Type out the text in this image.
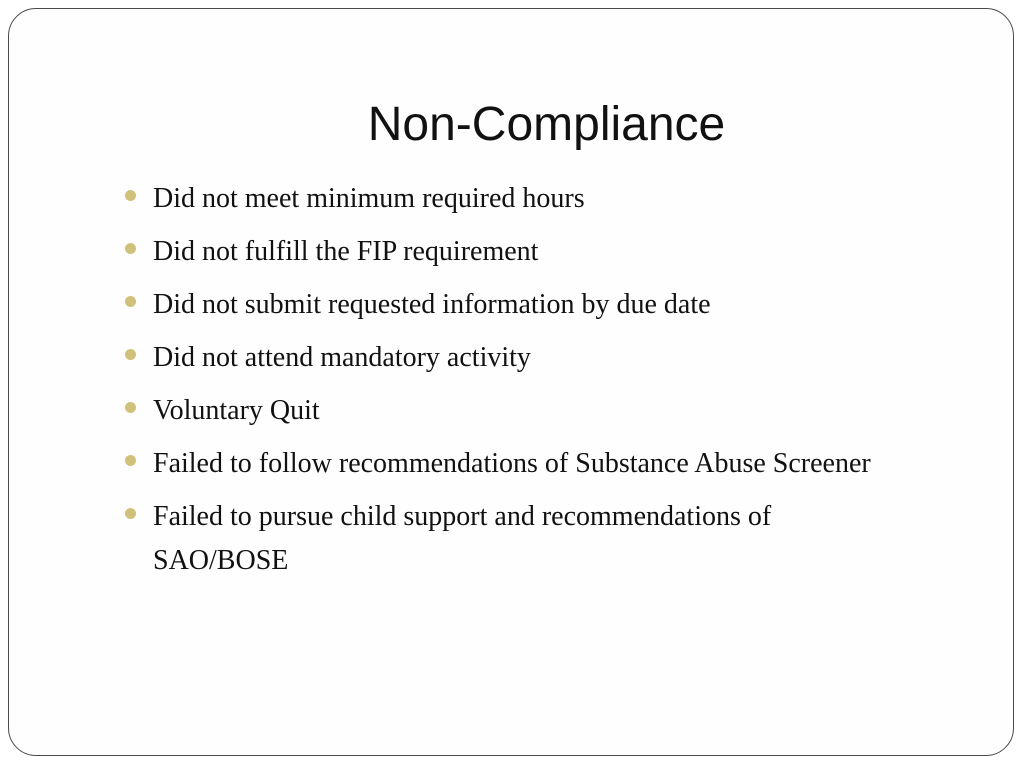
Non-Compliance
Did not meet minimum required hours
Did not fulfill the FIP requirement
Did not submit requested information by due date
Did not attend mandatory activity
Voluntary Quit
Failed to follow recommendations of Substance Abuse Screener
Failed to pursue child support and recommendations of SAO/BOSE
